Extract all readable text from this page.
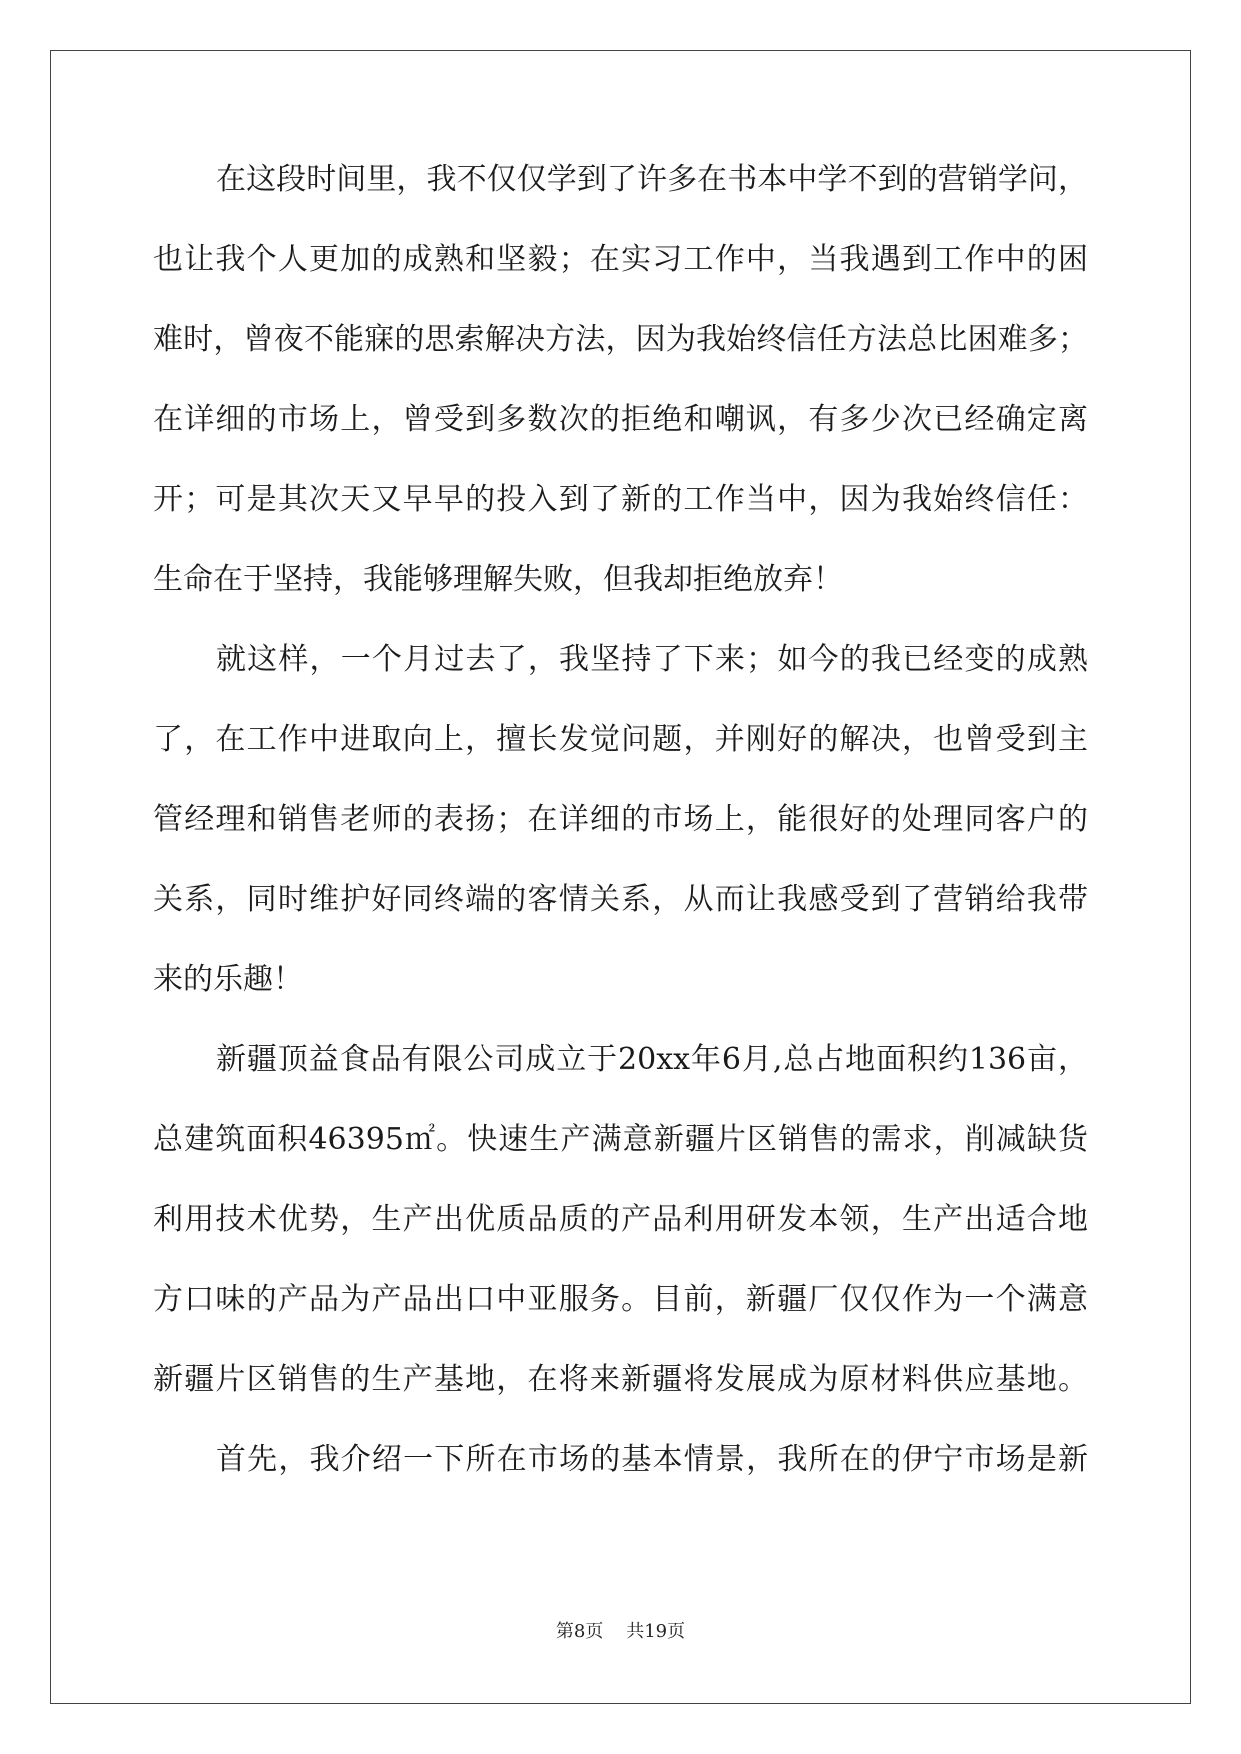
在这段时间里，我不仅仅学到了许多在书本中学不到的营销学问，
也让我个人更加的成熟和坚毅；在实习工作中，当我遇到工作中的困
难时，曾夜不能寐的思索解决方法，因为我始终信任方法总比困难多；
在详细的市场上，曾受到多数次的拒绝和嘲讽，有多少次已经确定离
开；可是其次天又早早的投入到了新的工作当中，因为我始终信任：
生命在于坚持，我能够理解失败，但我却拒绝放弃！
就这样，一个月过去了，我坚持了下来；如今的我已经变的成熟
了，在工作中进取向上，擅长发觉问题，并刚好的解决，也曾受到主
管经理和销售老师的表扬；在详细的市场上，能很好的处理同客户的
关系，同时维护好同终端的客情关系，从而让我感受到了营销给我带
来的乐趣！
新疆顶益食品有限公司成立于20xx年6月,总占地面积约136亩，
总建筑面积46395㎡。快速生产满意新疆片区销售的需求，削减缺货
利用技术优势，生产出优质品质的产品利用研发本领，生产出适合地
方口味的产品为产品出口中亚服务。目前，新疆厂仅仅作为一个满意
新疆片区销售的生产基地，在将来新疆将发展成为原材料供应基地。
首先，我介绍一下所在市场的基本情景，我所在的伊宁市场是新
第8页 共19页
